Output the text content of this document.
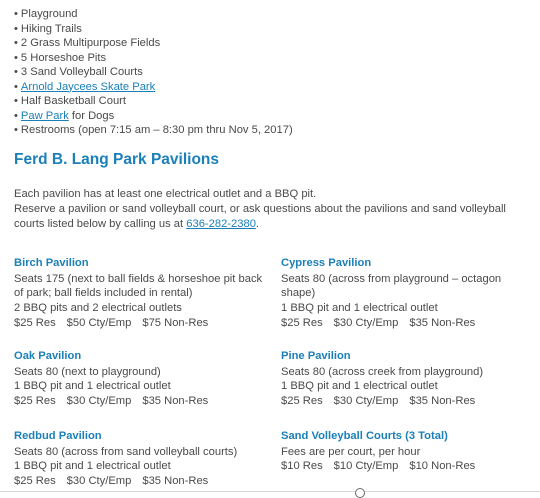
• Playground
• Hiking Trails
• 2 Grass Multipurpose Fields
• 5 Horseshoe Pits
• 3 Sand Volleyball Courts
• Arnold Jaycees Skate Park
• Half Basketball Court
• Paw Park for Dogs
• Restrooms (open 7:15 am – 8:30 pm thru Nov 5, 2017)
Ferd B. Lang Park Pavilions

Each pavilion has at least one electrical outlet and a BBQ pit.

Reserve a pavilion or sand volleyball court, or ask questions about the pavilions and sand volleyball courts listed below by calling us at 636-282-2380.

Birch Pavilion
Seats 175 (next to ball fields & horseshoe pit back of park; ball fields included in rental)
2 BBQ pits and 2 electrical outlets
$25 Res $50 Cty/Emp $75 Non-Res
Cypress Pavilion
Seats 80 (across from playground – octagon shape)
1 BBQ pit and 1 electrical outlet
$25 Res $30 Cty/Emp $35 Non-Res
Oak Pavilion
Seats 80 (next to playground)
1 BBQ pit and 1 electrical outlet
$25 Res $30 Cty/Emp $35 Non-Res
Pine Pavilion
Seats 80 (across creek from playground)
1 BBQ pit and 1 electrical outlet
$25 Res $30 Cty/Emp $35 Non-Res
Redbud Pavilion
Seats 80 (across from sand volleyball courts)
1 BBQ pit and 1 electrical outlet
$25 Res $30 Cty/Emp $35 Non-Res
Sand Volleyball Courts (3 Total)
Fees are per court, per hour
$10 Res $10 Cty/Emp $10 Non-Res
